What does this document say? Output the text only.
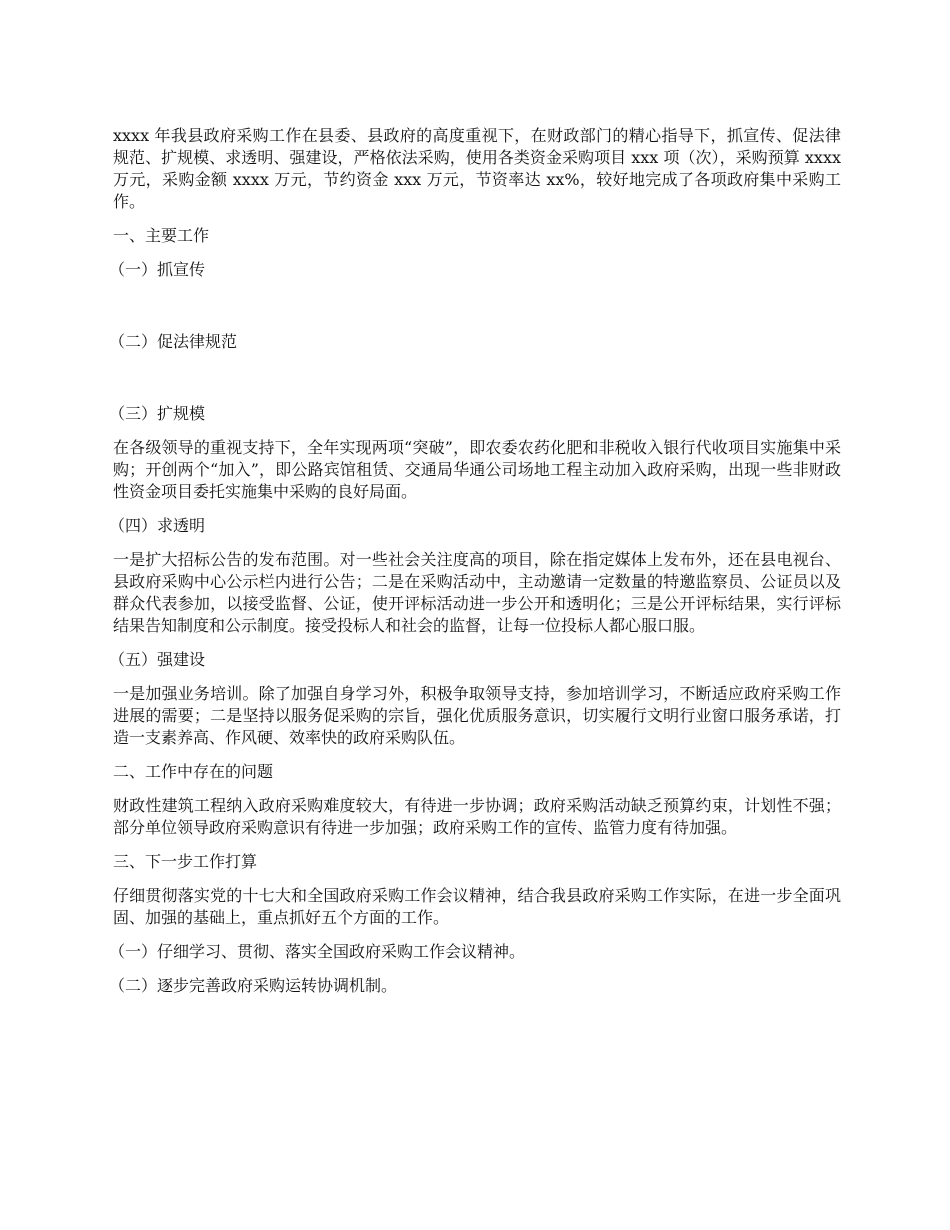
xxxx 年我县政府采购工作在县委、县政府的高度重视下，在财政部门的精心指导下，抓宣传、促法律规范、扩规模、求透明、强建设，严格依法采购，使用各类资金采购项目 xxx 项（次），采购预算 xxxx 万元，采购金额 xxxx 万元，节约资金 xxx 万元，节资率达 xx%，较好地完成了各项政府集中采购工作。

一、主要工作

（一）抓宣传

（二）促法律规范

（三）扩规模

在各级领导的重视支持下，全年实现两项“突破”，即农委农药化肥和非税收入银行代收项目实施集中采购；开创两个“加入”，即公路宾馆租赁、交通局华通公司场地工程主动加入政府采购，出现一些非财政性资金项目委托实施集中采购的良好局面。

（四）求透明

一是扩大招标公告的发布范围。对一些社会关注度高的项目，除在指定媒体上发布外，还在县电视台、县政府采购中心公示栏内进行公告；二是在采购活动中，主动邀请一定数量的特邀监察员、公证员以及群众代表参加，以接受监督、公证，使开评标活动进一步公开和透明化；三是公开评标结果，实行评标结果告知制度和公示制度。接受投标人和社会的监督，让每一位投标人都心服口服。

（五）强建设

一是加强业务培训。除了加强自身学习外，积极争取领导支持，参加培训学习，不断适应政府采购工作进展的需要；二是坚持以服务促采购的宗旨，强化优质服务意识，切实履行文明行业窗口服务承诺，打造一支素养高、作风硬、效率快的政府采购队伍。

二、工作中存在的问题

财政性建筑工程纳入政府采购难度较大，有待进一步协调；政府采购活动缺乏预算约束，计划性不强；部分单位领导政府采购意识有待进一步加强；政府采购工作的宣传、监管力度有待加强。

三、下一步工作打算

仔细贯彻落实党的十七大和全国政府采购工作会议精神，结合我县政府采购工作实际，在进一步全面巩固、加强的基础上，重点抓好五个方面的工作。

（一）仔细学习、贯彻、落实全国政府采购工作会议精神。

（二）逐步完善政府采购运转协调机制。
